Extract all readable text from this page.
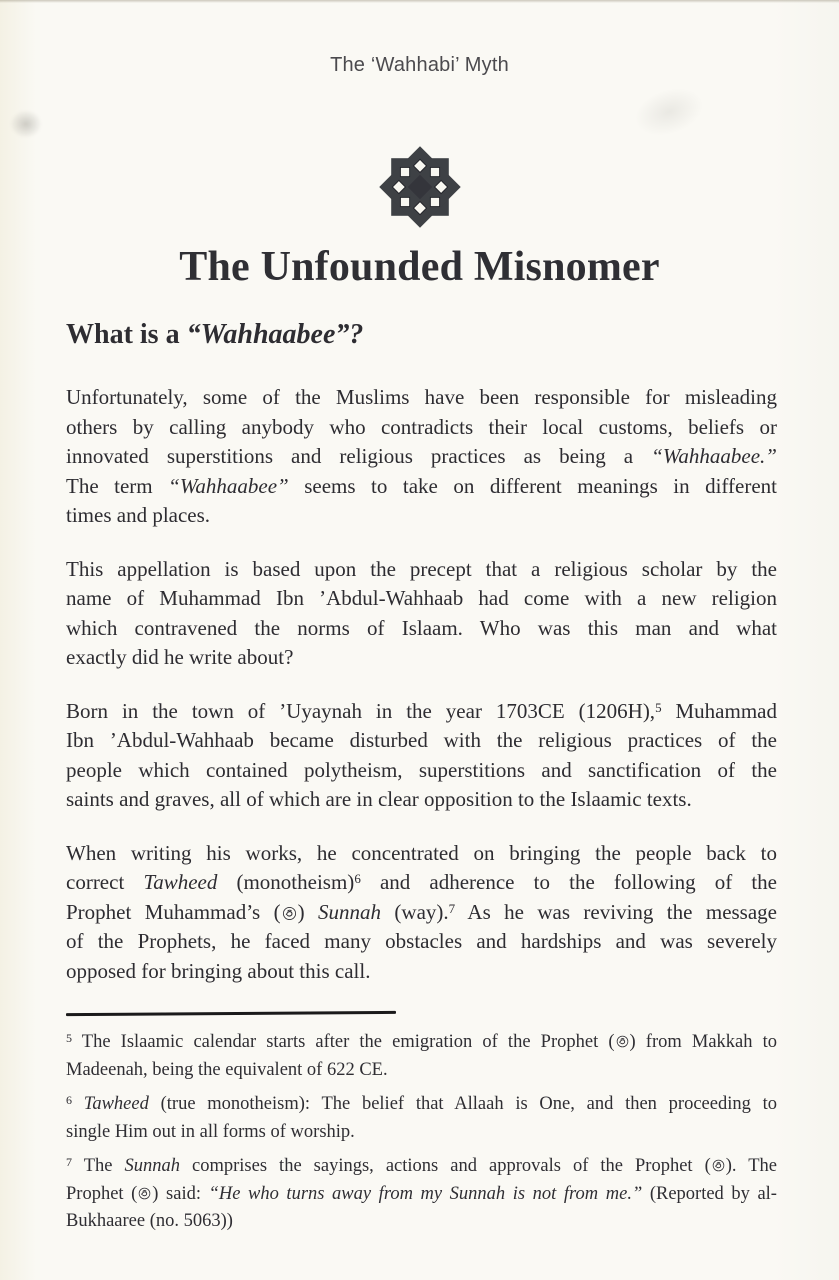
The ‘Wahhabi’ Myth
The Unfounded Misnomer
What is a “Wahhaabee”?
Unfortunately, some of the Muslims have been responsible for misleading
others by calling anybody who contradicts their local customs, beliefs or
innovated superstitions and religious practices as being a “Wahhaabee.”
The term “Wahhaabee” seems to take on different meanings in different
times and places.
This appellation is based upon the precept that a religious scholar by the
name of Muhammad Ibn ’Abdul-Wahhaab had come with a new religion
which contravened the norms of Islaam. Who was this man and what
exactly did he write about?
Born in the town of ’Uyaynah in the year 1703CE (1206H),$^5$ Muhammad
Ibn ’Abdul-Wahhaab became disturbed with the religious practices of the
people which contained polytheism, superstitions and sanctification of the
saints and graves, all of which are in clear opposition to the Islaamic texts.
When writing his works, he concentrated on bringing the people back to
correct Tawheed (monotheism)$^6$ and adherence to the following of the
Prophet Muhammad’s ( ) Sunnah (way).$^7$ As he was reviving the message
of the Prophets, he faced many obstacles and hardships and was severely
opposed for bringing about this call.
$^5$ The Islaamic calendar starts after the emigration of the Prophet ( ) from Makkah to
Madeenah, being the equivalent of 622 CE.
$^6$ Tawheed (true monotheism): The belief that Allaah is One, and then proceeding to
single Him out in all forms of worship.
$^7$ The Sunnah comprises the sayings, actions and approvals of the Prophet ( ). The
Prophet ( ) said: “He who turns away from my Sunnah is not from me.” (Reported by al-
Bukhaaree (no. 5063))
